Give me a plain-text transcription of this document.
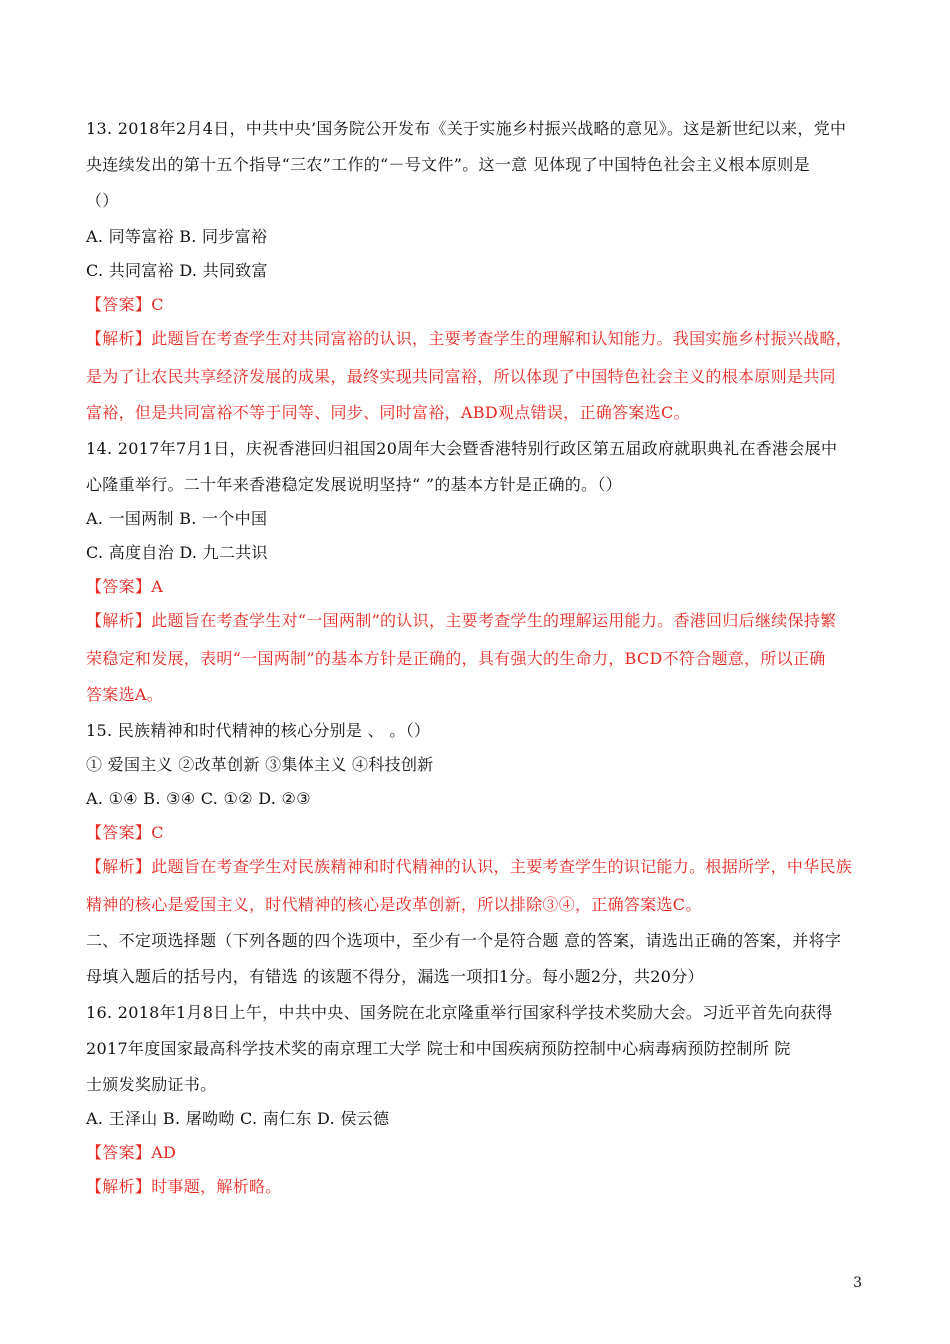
13. 2018年2月4日，中共中央’国务院公开发布《关于实施乡村振兴战略的意见》。这是新世纪以来，党中
央连续发出的第十五个指导“三农”工作的“－号文件”。这一意 见体现了中国特色社会主义根本原则是
（）
A. 同等富裕 B. 同步富裕
C. 共同富裕 D. 共同致富
【答案】C
【解析】此题旨在考查学生对共同富裕的认识，主要考查学生的理解和认知能力。我国实施乡村振兴战略，
是为了让农民共享经济发展的成果，最终实现共同富裕，所以体现了中国特色社会主义的根本原则是共同
富裕，但是共同富裕不等于同等、同步、同时富裕，ABD观点错误，正确答案选C。
14. 2017年7月1日，庆祝香港回归祖国20周年大会暨香港特别行政区第五届政府就职典礼在香港会展中
心隆重举行。二十年来香港稳定发展说明坚持“ ”的基本方针是正确的。（）
A. 一国两制 B. 一个中国
C. 高度自治 D. 九二共识
【答案】A
【解析】此题旨在考查学生对“一国两制”的认识，主要考查学生的理解运用能力。香港回归后继续保持繁
荣稳定和发展，表明“一国两制”的基本方针是正确的，具有强大的生命力，BCD不符合题意，所以正确
答案选A。
15. 民族精神和时代精神的核心分别是 、 。（）
① 爱国主义 ②改革创新 ③集体主义 ④科技创新
A. ①④ B. ③④ C. ①② D. ②③
【答案】C
【解析】此题旨在考查学生对民族精神和时代精神的认识，主要考查学生的识记能力。根据所学，中华民族
精神的核心是爱国主义，时代精神的核心是改革创新，所以排除③④，正确答案选C。
二、不定项选择题（下列各题的四个选项中，至少有一个是符合题 意的答案，请选出正确的答案，并将字
母填入题后的括号内，有错选 的该题不得分，漏选一项扣1分。每小题2分，共20分）
16. 2018年1月8日上午，中共中央、国务院在北京隆重举行国家科学技术奖励大会。习近平首先向获得
2017年度国家最高科学技术奖的南京理工大学 院士和中国疾病预防控制中心病毒病预防控制所 院
士颁发奖励证书。
A. 王泽山 B. 屠呦呦 C. 南仁东 D. 侯云德
【答案】AD
【解析】时事题，解析略。
3
